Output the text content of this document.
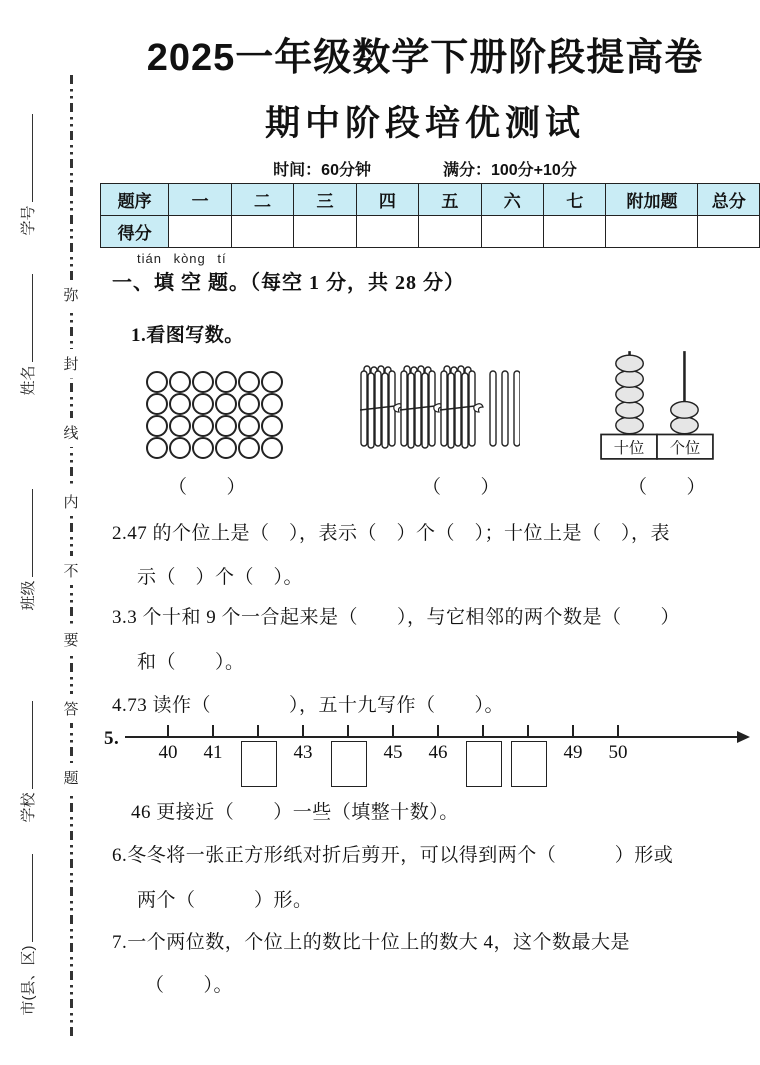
弥
封
线
内
不
要
答
题
学号
姓名
班级
学校
市(县、区)
2025一年级数学下册阶段提高卷
期中阶段培优测试
时间：60分钟	满分：100分+10分
题序	一	二	三	四	五	六	七	附加题	总分
得分									
tián kòng tí
一、填 空 题。（每空 1 分，共 28 分）
1.看图写数。
十位 个位
（　　）	（　　）	（　　）
2.47 的个位上是（　），表示（　）个（　）；十位上是（　），表
示（　）个（　）。
3.3 个十和 9 个一合起来是（　　），与它相邻的两个数是（　　）
和（　　）。
4.73 读作（　　　　），五十九写作（　　）。
5.
40	41	43	45	46	49	50
46 更接近（　　）一些（填整十数）。
6.冬冬将一张正方形纸对折后剪开，可以得到两个（　　　）形或
两个（　　　）形。
7.一个两位数，个位上的数比十位上的数大 4，这个数最大是
（　　）。
